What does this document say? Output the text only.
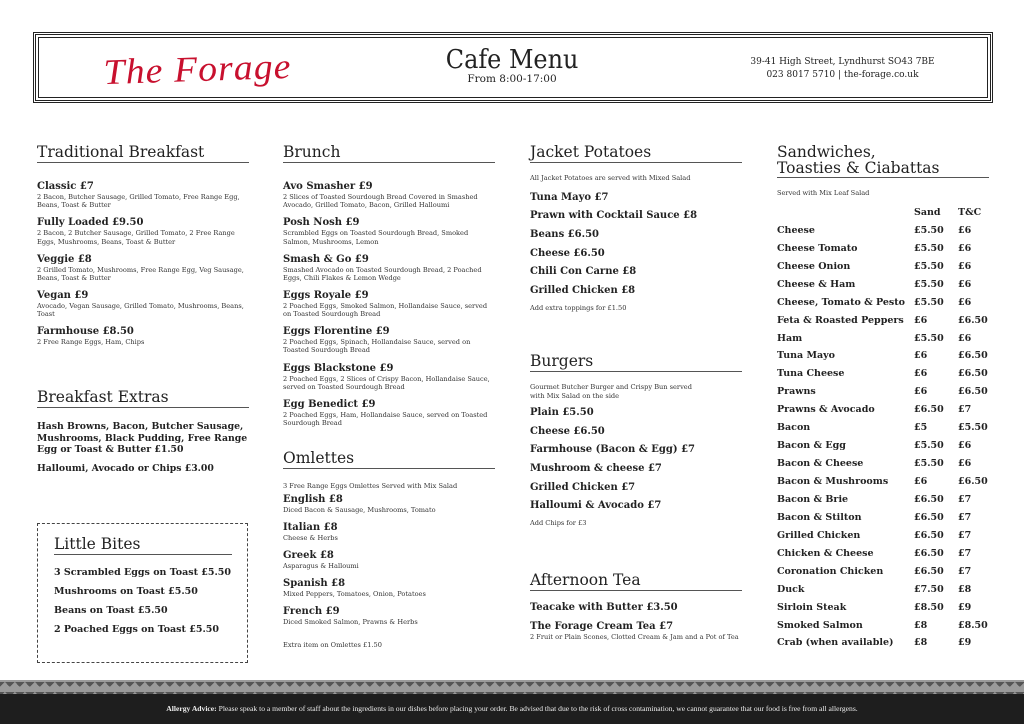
The Forage	Cafe Menu
From 8:00-17:00
39-41 High Street, Lyndhurst SO43 7BE
023 8017 5710 | the-forage.co.uk
Traditional Breakfast
Classic £7
2 Bacon, Butcher Sausage, Grilled Tomato, Free Range Egg, Beans, Toast & Butter
Fully Loaded £9.50
2 Bacon, 2 Butcher Sausage, Grilled Tomato, 2 Free Range Eggs, Mushrooms, Beans, Toast & Butter
Veggie £8
2 Grilled Tomato, Mushrooms, Free Range Egg, Veg Sausage, Beans, Toast & Butter
Vegan £9
Avocado, Vegan Sausage, Grilled Tomato, Mushrooms, Beans, Toast
Farmhouse £8.50
2 Free Range Eggs, Ham, Chips
Breakfast Extras

Hash Browns, Bacon, Butcher Sausage, Mushrooms, Black Pudding, Free Range Egg or Toast & Butter £1.50

Halloumi, Avocado or Chips £3.00

Little Bites
3 Scrambled Eggs on Toast £5.50
Mushrooms on Toast £5.50
Beans on Toast £5.50
2 Poached Eggs on Toast £5.50
Brunch
Avo Smasher £9
2 Slices of Toasted Sourdough Bread Covered in Smashed Avocado, Grilled Tomato, Bacon, Grilled Halloumi
Posh Nosh £9
Scrambled Eggs on Toasted Sourdough Bread, Smoked Salmon, Mushrooms, Lemon
Smash & Go £9
Smashed Avocado on Toasted Sourdough Bread, 2 Poached Eggs, Chili Flakes & Lemon Wedge
Eggs Royale £9
2 Poached Eggs, Smoked Salmon, Hollandaise Sauce, served on Toasted Sourdough Bread
Eggs Florentine £9
2 Poached Eggs, Spinach, Hollandaise Sauce, served on Toasted Sourdough Bread
Eggs Blackstone £9
2 Poached Eggs, 2 Slices of Crispy Bacon, Hollandaise Sauce, served on Toasted Sourdough Bread
Egg Benedict £9
2 Poached Eggs, Ham, Hollandaise Sauce, served on Toasted Sourdough Bread
Omlettes
3 Free Range Eggs Omlettes Served with Mix Salad
English £8
Diced Bacon & Sausage, Mushrooms, Tomato
Italian £8
Cheese & Herbs
Greek £8
Asparagus & Halloumi
Spanish £8
Mixed Peppers, Tomatoes, Onion, Potatoes
French £9
Diced Smoked Salmon, Prawns & Herbs
Extra item on Omlettes £1.50
Jacket Potatoes
All Jacket Potatoes are served with Mixed Salad
Tuna Mayo £7
Prawn with Cocktail Sauce £8
Beans £6.50
Cheese £6.50
Chili Con Carne £8
Grilled Chicken £8
Add extra toppings for £1.50
Burgers
Gourmet Butcher Burger and Crispy Bun served with Mix Salad on the side
Plain £5.50
Cheese £6.50
Farmhouse (Bacon & Egg) £7
Mushroom & cheese £7
Grilled Chicken £7
Halloumi & Avocado £7
Add Chips for £3
Afternoon Tea
Teacake with Butter £3.50
The Forage Cream Tea £7
2 Fruit or Plain Scones, Clotted Cream & Jam and a Pot of Tea
Sandwiches,
Toasties & Ciabattas
Served with Mix Leaf Salad
Sand	T&C
Cheese	£5.50	£6
Cheese Tomato	£5.50	£6
Cheese Onion	£5.50	£6
Cheese & Ham	£5.50	£6
Cheese, Tomato & Pesto £5.50	£6
Feta & Roasted Peppers	£6	£6.50
Ham	£5.50	£6
Tuna Mayo	£6	£6.50
Tuna Cheese	£6	£6.50
Prawns	£6	£6.50
Prawns & Avocado	£6.50	£7
Bacon	£5	£5.50
Bacon & Egg	£5.50	£6
Bacon & Cheese	£5.50	£6
Bacon & Mushrooms	£6	£6.50
Bacon & Brie	£6.50	£7
Bacon & Stilton	£6.50	£7
Grilled Chicken	£6.50	£7
Chicken & Cheese	£6.50	£7
Coronation Chicken	£6.50	£7
Duck	£7.50	£8
Sirloin Steak	£8.50	£9
Smoked Salmon	£8	£8.50
Crab (when available)	£8	£9
Allergy Advice: Please speak to a member of staff about the ingredients in our dishes before placing your order. Be advised that due to the risk of cross contamination, we cannot guarantee that our food is free from all allergens.
